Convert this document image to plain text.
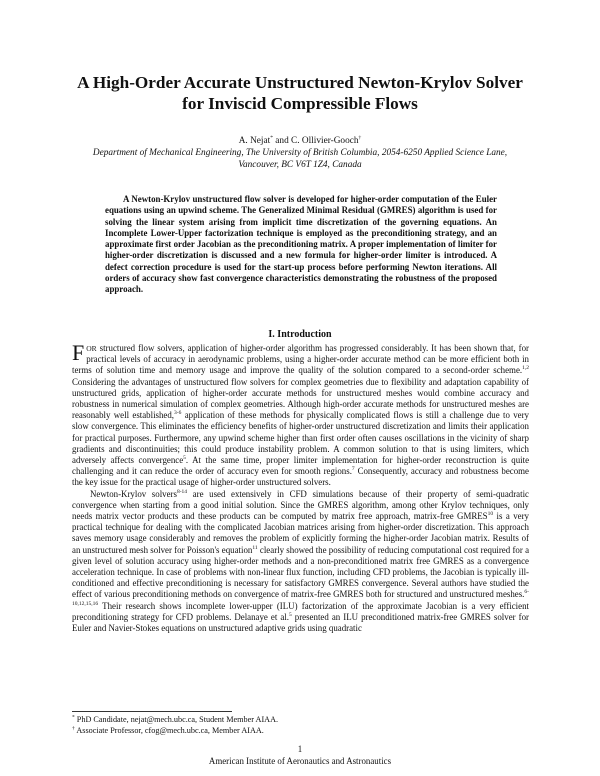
A High-Order Accurate Unstructured Newton-Krylov Solver
for Inviscid Compressible Flows
A. Nejat* and C. Ollivier-Gooch†
Department of Mechanical Engineering, The University of British Columbia, 2054-6250 Applied Science Lane,
Vancouver, BC V6T 1Z4, Canada
A Newton-Krylov unstructured flow solver is developed for higher-order computation of the Euler equations using an upwind scheme. The Generalized Minimal Residual (GMRES) algorithm is used for solving the linear system arising from implicit time discretization of the governing equations. An Incomplete Lower-Upper factorization technique is employed as the preconditioning strategy, and an approximate first order Jacobian as the preconditioning matrix. A proper implementation of limiter for higher-order discretization is discussed and a new formula for higher-order limiter is introduced. A defect correction procedure is used for the start-up process before performing Newton iterations. All orders of accuracy show fast convergence characteristics demonstrating the robustness of the proposed approach.
I. Introduction

FOR structured flow solvers, application of higher-order algorithm has progressed considerably. It has been shown that, for practical levels of accuracy in aerodynamic problems, using a higher-order accurate method can be more efficient both in terms of solution time and memory usage and improve the quality of the solution compared to a second-order scheme.$^{1,2}$ Considering the advantages of unstructured flow solvers for complex geometries due to flexibility and adaptation capability of unstructured grids, application of higher-order accurate methods for unstructured meshes would combine accuracy and robustness in numerical simulation of complex geometries. Although high-order accurate methods for unstructured meshes are reasonably well established,$^{3-6}$ application of these methods for physically complicated flows is still a challenge due to very slow convergence. This eliminates the efficiency benefits of higher-order unstructured discretization and limits their application for practical purposes. Furthermore, any upwind scheme higher than first order often causes oscillations in the vicinity of sharp gradients and discontinuities; this could produce instability problem. A common solution to that is using limiters, which adversely affects convergence$^5$. At the same time, proper limiter implementation for higher-order reconstruction is quite challenging and it can reduce the order of accuracy even for smooth regions.$^7$ Consequently, accuracy and robustness become the key issue for the practical usage of higher-order unstructured solvers.

Newton-Krylov solvers$^{8-14}$ are used extensively in CFD simulations because of their property of semi-quadratic convergence when starting from a good initial solution. Since the GMRES algorithm, among other Krylov techniques, only needs matrix vector products and these products can be computed by matrix free approach, matrix-free GMRES$^{10}$ is a very practical technique for dealing with the complicated Jacobian matrices arising from higher-order discretization. This approach saves memory usage considerably and removes the problem of explicitly forming the higher-order Jacobian matrix. Results of an unstructured mesh solver for Poisson's equation$^{11}$ clearly showed the possibility of reducing computational cost required for a given level of solution accuracy using higher-order methods and a non-preconditioned matrix free GMRES as a convergence acceleration technique. In case of problems with non-linear flux function, including CFD problems, the Jacobian is typically ill-conditioned and effective preconditioning is necessary for satisfactory GMRES convergence. Several authors have studied the effect of various preconditioning methods on convergence of matrix-free GMRES both for structured and unstructured meshes.$^{6-10,12,15,16}$ Their research shows incomplete lower-upper (ILU) factorization of the approximate Jacobian is a very efficient preconditioning strategy for CFD problems. Delanaye et al.$^5$ presented an ILU preconditioned matrix-free GMRES solver for Euler and Navier-Stokes equations on unstructured adaptive grids using quadratic

* PhD Candidate, nejat@mech.ubc.ca, Student Member AIAA.
† Associate Professor, cfog@mech.ubc.ca, Member AIAA.
1
American Institute of Aeronautics and Astronautics
